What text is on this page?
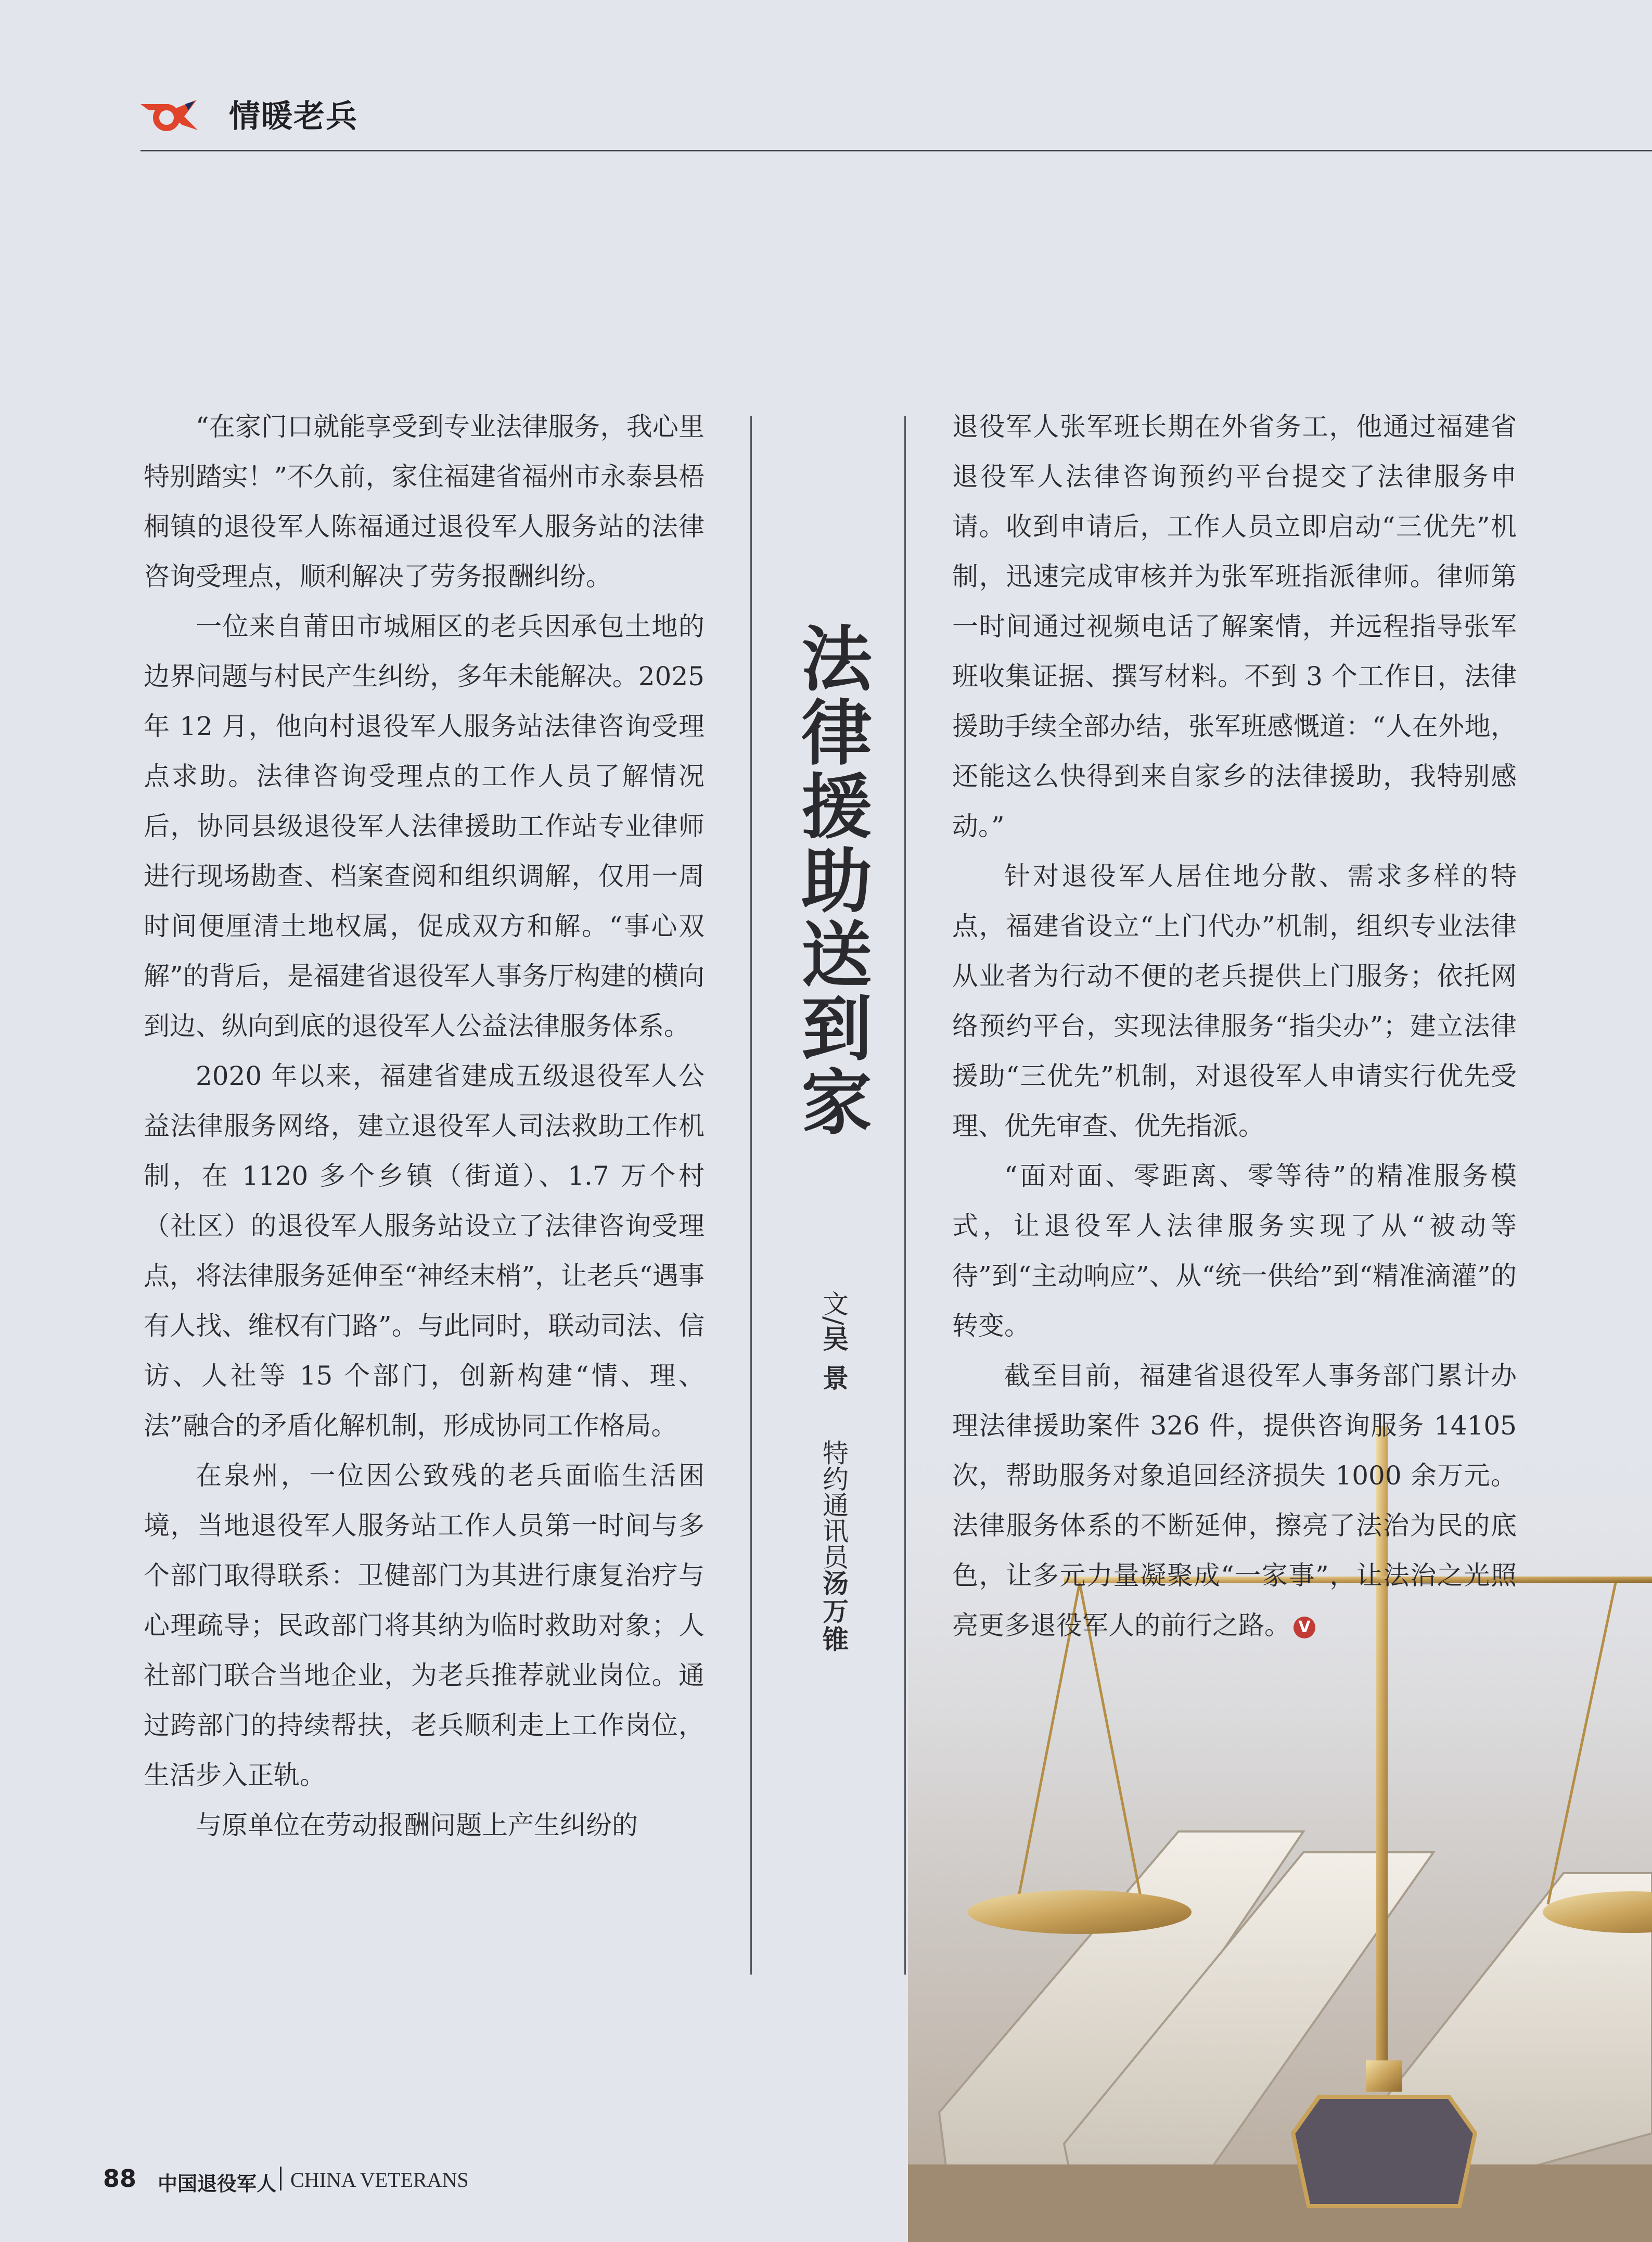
情暖老兵

“在家门口就能享受到专业法律服务，我心里特别踏实！”不久前，家住福建省福州市永泰县梧桐镇的退役军人陈福通过退役军人服务站的法律咨询受理点，顺利解决了劳务报酬纠纷。

一位来自莆田市城厢区的老兵因承包土地的边界问题与村民产生纠纷，多年未能解决。2025 年 12 月，他向村退役军人服务站法律咨询受理点求助。法律咨询受理点的工作人员了解情况后，协同县级退役军人法律援助工作站专业律师进行现场勘查、档案查阅和组织调解，仅用一周时间便厘清土地权属，促成双方和解。“事心双解”的背后，是福建省退役军人事务厅构建的横向到边、纵向到底的退役军人公益法律服务体系。

2020 年以来，福建省建成五级退役军人公益法律服务网络，建立退役军人司法救助工作机制，在 1120 多个乡镇（街道）、1.7 万个村（社区）的退役军人服务站设立了法律咨询受理点，将法律服务延伸至“神经末梢”，让老兵“遇事有人找、维权有门路”。与此同时，联动司法、信访、人社等 15 个部门，创新构建“情、理、法”融合的矛盾化解机制，形成协同工作格局。

在泉州，一位因公致残的老兵面临生活困境，当地退役军人服务站工作人员第一时间与多个部门取得联系：卫健部门为其进行康复治疗与心理疏导；民政部门将其纳为临时救助对象；人社部门联合当地企业，为老兵推荐就业岗位。通过跨部门的持续帮扶，老兵顺利走上工作岗位，生活步入正轨。

与原单位在劳动报酬问题上产生纠纷的

法律援助送到家
文/吴 景特约通讯员汤万锥

退役军人张军班长期在外省务工，他通过福建省退役军人法律咨询预约平台提交了法律服务申请。收到申请后，工作人员立即启动“三优先”机制，迅速完成审核并为张军班指派律师。律师第一时间通过视频电话了解案情，并远程指导张军班收集证据、撰写材料。不到 3 个工作日，法律援助手续全部办结，张军班感慨道：“人在外地，还能这么快得到来自家乡的法律援助，我特别感动。”

针对退役军人居住地分散、需求多样的特点，福建省设立“上门代办”机制，组织专业法律从业者为行动不便的老兵提供上门服务；依托网络预约平台，实现法律服务“指尖办”；建立法律援助“三优先”机制，对退役军人申请实行优先受理、优先审查、优先指派。

“面对面、零距离、零等待”的精准服务模式，让退役军人法律服务实现了从“被动等待”到“主动响应”、从“统一供给”到“精准滴灌”的转变。

截至目前，福建省退役军人事务部门累计办理法律援助案件 326 件，提供咨询服务 14105 次，帮助服务对象追回经济损失 1000 余万元。法律服务体系的不断延伸，擦亮了法治为民的底色，让多元力量凝聚成“一家事”，让法治之光照亮更多退役军人的前行之路。 V

88 中国退役军人 CHINA VETERANS
